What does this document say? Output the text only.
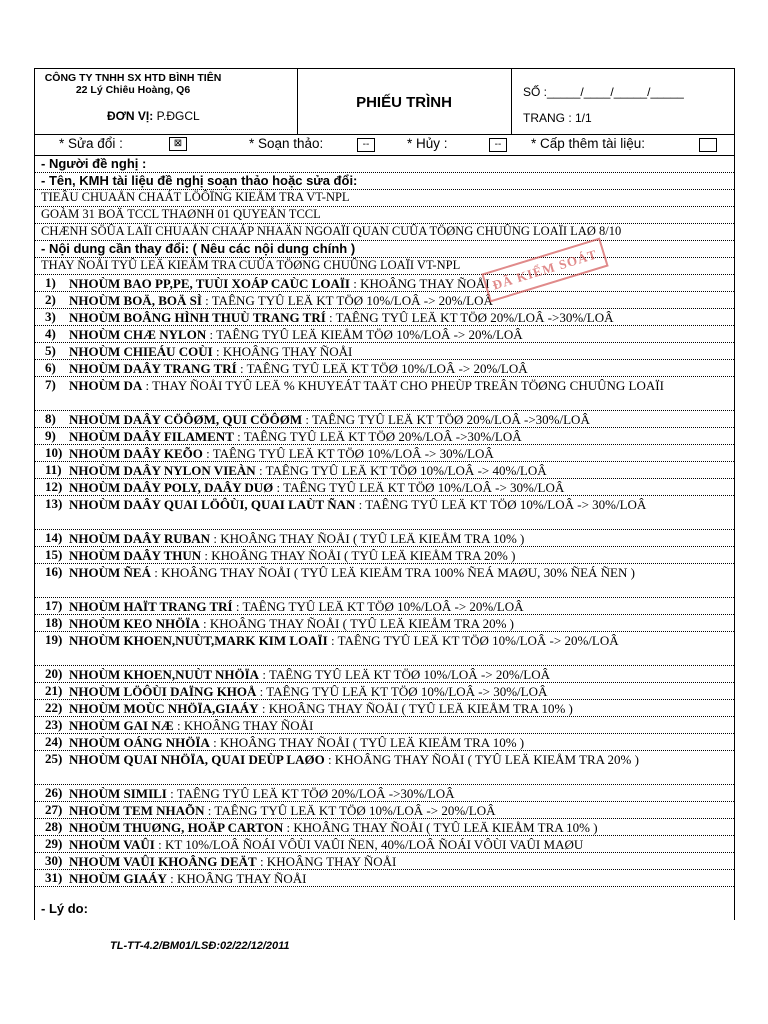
CÔNG TY TNHH SX HTD BÌNH TIÊN
22 Lý Chiêu Hoàng, Q6
ĐƠN VỊ: P.ĐGCL
PHIẾU TRÌNH
SỐ :_____/____/_____/_____
TRANG : 1/1
* Sửa đổi :	⊠	* Soạn thảo:	--	* Hủy :	--	* Cấp thêm tài liệu:
- Người đề nghị :
- Tên, KMH tài liệu đề nghị soạn thảo hoặc sửa đổi:
TIEÂU CHUAÅN CHAÁT LÖÔÏNG KIEÅM TRA VT-NPL
GOÀM 31 BOÄ TCCL THAØNH 01 QUYEÅN TCCL
CHÆNH SÖÛA LAÏI CHUAÅN CHAÁP NHAÄN NGOAÏI QUAN CUÛA TÖØNG CHUÛNG LOAÏI LAØ 8/10
- Nội dung cần thay đổi: ( Nêu các nội dung chính )
THAY ÑOÅI TYÛ LEÄ KIEÅM TRA CUÛA TÖØNG CHUÛNG LOAÏI VT-NPL
1) NHOÙM BAO PP,PE, TUÙI XOÁP CAÙC LOAÏI : KHOÂNG THAY ÑOÅI
2) NHOÙM BOÄ, BOÄ SÌ : TAÊNG TYÛ LEÄ KT TÖØ 10%/LOÂ -> 20%/LOÂ
3) NHOÙM BOÂNG HÌNH THUÙ TRANG TRÍ : TAÊNG TYÛ LEÄ KT TÖØ 20%/LOÂ ->30%/LOÂ
4) NHOÙM CHÆ NYLON : TAÊNG TYÛ LEÄ KIEÅM TÖØ 10%/LOÂ -> 20%/LOÂ
5) NHOÙM CHIEÁU COÙI : KHOÂNG THAY ÑOÅI
6) NHOÙM DAÂY TRANG TRÍ : TAÊNG TYÛ LEÄ KT TÖØ 10%/LOÂ -> 20%/LOÂ
7) NHOÙM DA : THAY ÑOÅI TYÛ LEÄ % KHUYEÁT TAÄT CHO PHEÙP TREÂN TÖØNG CHUÛNG LOAÏI
8) NHOÙM DAÂY CÖÔØM, QUI CÖÔØM : TAÊNG TYÛ LEÄ KT TÖØ 20%/LOÂ ->30%/LOÂ
9) NHOÙM DAÂY FILAMENT : TAÊNG TYÛ LEÄ KT TÖØ 20%/LOÂ ->30%/LOÂ
10) NHOÙM DAÂY KEÕO : TAÊNG TYÛ LEÄ KT TÖØ 10%/LOÂ -> 30%/LOÂ
11) NHOÙM DAÂY NYLON VIEÀN : TAÊNG TYÛ LEÄ KT TÖØ 10%/LOÂ -> 40%/LOÂ
12) NHOÙM DAÂY POLY, DAÂY DUØ : TAÊNG TYÛ LEÄ KT TÖØ 10%/LOÂ -> 30%/LOÂ
13) NHOÙM DAÂY QUAI LÖÔÙI, QUAI LAÙT ÑAN : TAÊNG TYÛ LEÄ KT TÖØ 10%/LOÂ -> 30%/LOÂ
14) NHOÙM DAÂY RUBAN : KHOÂNG THAY ÑOÅI ( TYÛ LEÄ KIEÅM TRA 10% )
15) NHOÙM DAÂY THUN : KHOÂNG THAY ÑOÅI ( TYÛ LEÄ KIEÅM TRA 20% )
16) NHOÙM ÑEÁ : KHOÂNG THAY ÑOÅI ( TYÛ LEÄ KIEÅM TRA 100% ÑEÁ MAØU, 30% ÑEÁ ÑEN )
17) NHOÙM HAÏT TRANG TRÍ : TAÊNG TYÛ LEÄ KT TÖØ 10%/LOÂ -> 20%/LOÂ
18) NHOÙM KEO NHÖÏA : KHOÂNG THAY ÑOÅI ( TYÛ LEÄ KIEÅM TRA 20% )
19) NHOÙM KHOEN,NUÙT,MARK KIM LOAÏI : TAÊNG TYÛ LEÄ KT TÖØ 10%/LOÂ -> 20%/LOÂ
20) NHOÙM KHOEN,NUÙT NHÖÏA : TAÊNG TYÛ LEÄ KT TÖØ 10%/LOÂ -> 20%/LOÂ
21) NHOÙM LÖÔÙI DAÏNG KHOÅ : TAÊNG TYÛ LEÄ KT TÖØ 10%/LOÂ -> 30%/LOÂ
22) NHOÙM MOÙC NHÖÏA,GIAÁY : KHOÂNG THAY ÑOÅI ( TYÛ LEÄ KIEÅM TRA 10% )
23) NHOÙM GAI NÆ : KHOÂNG THAY ÑOÅI
24) NHOÙM OÁNG NHÖÏA : KHOÂNG THAY ÑOÅI ( TYÛ LEÄ KIEÅM TRA 10% )
25) NHOÙM QUAI NHÖÏA, QUAI DEÙP LAØO : KHOÂNG THAY ÑOÅI ( TYÛ LEÄ KIEÅM TRA 20% )
26) NHOÙM SIMILI : TAÊNG TYÛ LEÄ KT TÖØ 20%/LOÂ ->30%/LOÂ
27) NHOÙM TEM NHAÕN : TAÊNG TYÛ LEÄ KT TÖØ 10%/LOÂ -> 20%/LOÂ
28) NHOÙM THUØNG, HOÄP CARTON : KHOÂNG THAY ÑOÅI ( TYÛ LEÄ KIEÅM TRA 10% )
29) NHOÙM VAÛI : KT 10%/LOÂ ÑOÁI VÔÙI VAÛI ÑEN, 40%/LOÂ ÑOÁI VÔÙI VAÛI MAØU
30) NHOÙM VAÛI KHOÂNG DEÄT : KHOÂNG THAY ÑOÅI
31) NHOÙM GIAÁY : KHOÂNG THAY ÑOÅI
- Lý do:
ĐÃ KIỂM SOÁT
TL-TT-4.2/BM01/LSĐ:02/22/12/2011
